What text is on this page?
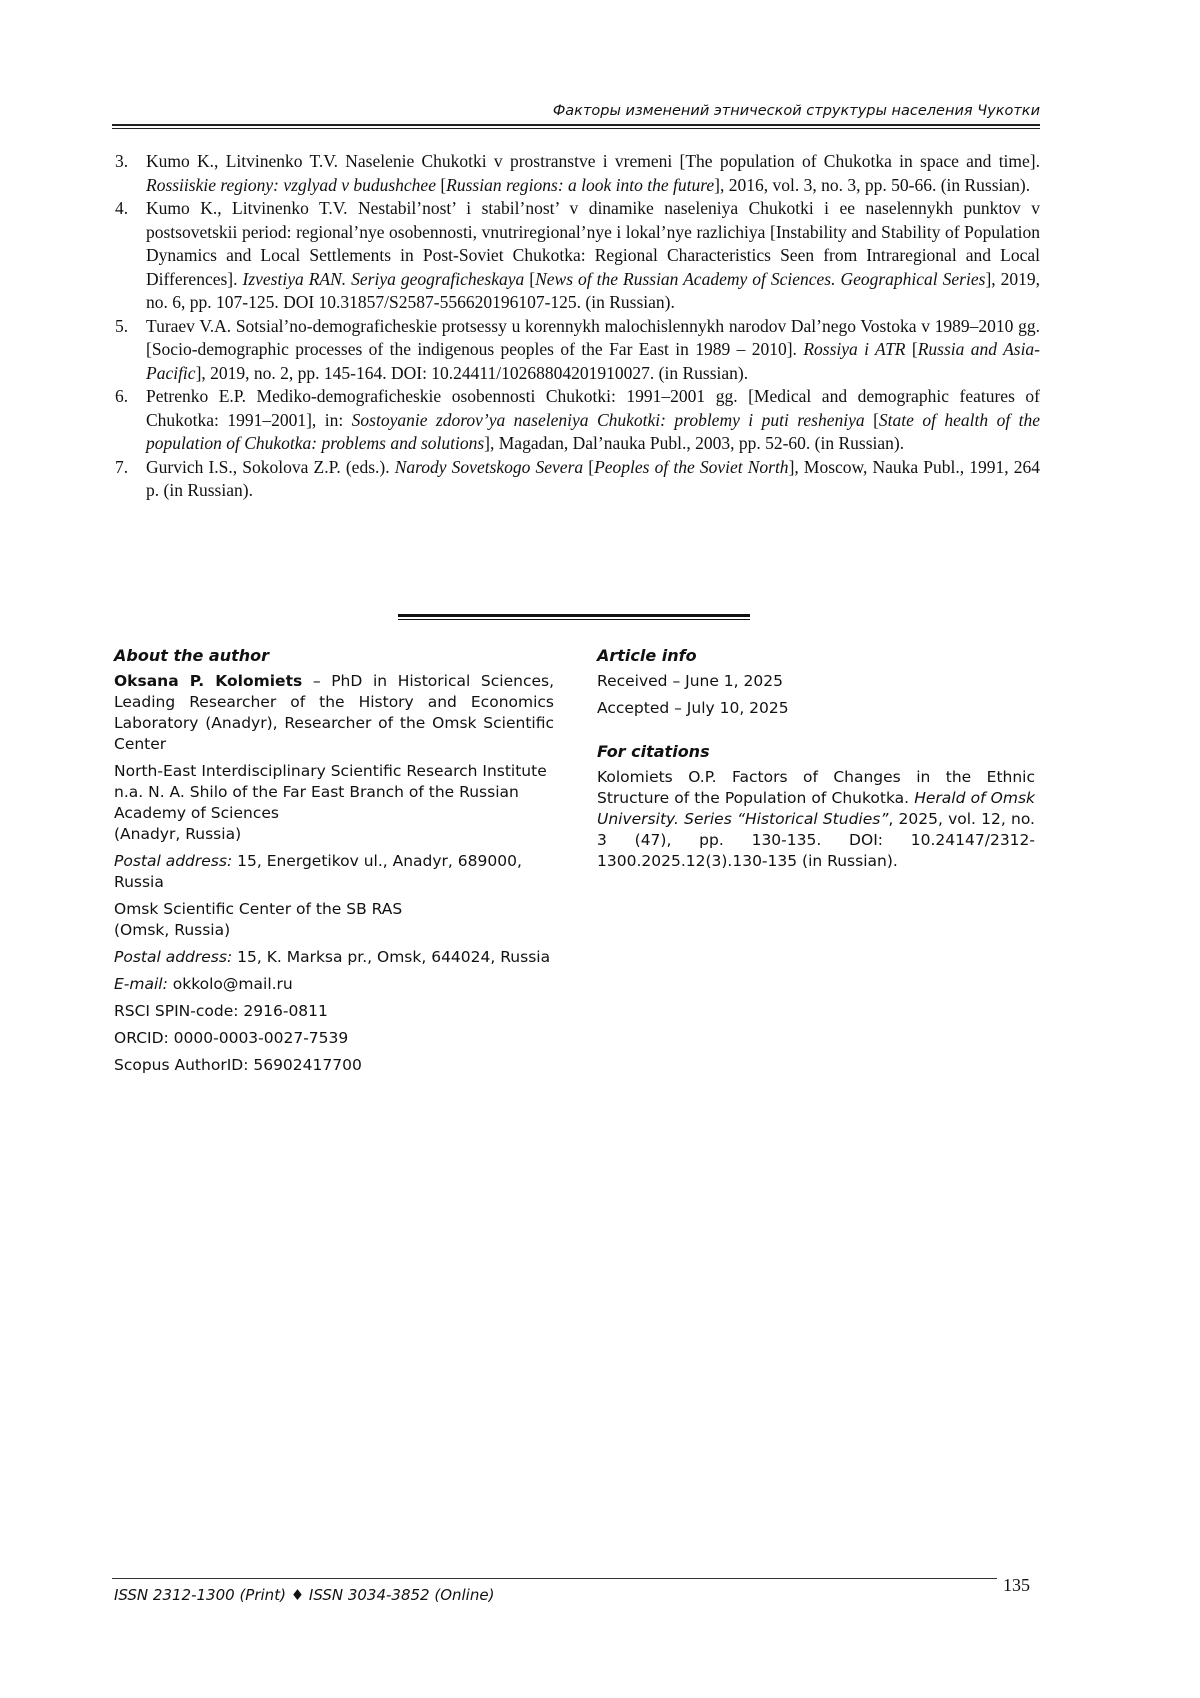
Факторы изменений этнической структуры населения Чукотки
3. Kumo K., Litvinenko T.V. Naselenie Chukotki v prostranstve i vremeni [The population of Chukotka in space and time]. Rossiiskie regiony: vzglyad v budushchee [Russian regions: a look into the future], 2016, vol. 3, no. 3, pp. 50-66. (in Russian).
4. Kumo K., Litvinenko T.V. Nestabil’nost’ i stabil’nost’ v dinamike naseleniya Chukotki i ee naselennykh punktov v postsovetskii period: regional’nye osobennosti, vnutriregional’nye i lokal’nye razlichiya [Instability and Stability of Population Dynamics and Local Settlements in Post-Soviet Chukotka: Regional Characteristics Seen from Intraregional and Local Differences]. Izvestiya RAN. Seriya geograficheskaya [News of the Russian Academy of Sciences. Geographical Series], 2019, no. 6, pp. 107-125. DOI 10.31857/S2587-556620196107-125. (in Russian).
5. Turaev V.A. Sotsial’no-demograficheskie protsessy u korennykh malochislennykh narodov Dal’nego Vostoka v 1989–2010 gg. [Socio-demographic processes of the indigenous peoples of the Far East in 1989 – 2010]. Rossiya i ATR [Russia and Asia-Pacific], 2019, no. 2, pp. 145-164. DOI: 10.24411/10268804201910027. (in Russian).
6. Petrenko E.P. Mediko-demograficheskie osobennosti Chukotki: 1991–2001 gg. [Medical and demographic features of Chukotka: 1991–2001], in: Sostoyanie zdorov’ya naseleniya Chukotki: problemy i puti resheniya [State of health of the population of Chukotka: problems and solutions], Magadan, Dal’nauka Publ., 2003, pp. 52-60. (in Russian).
7. Gurvich I.S., Sokolova Z.P. (eds.). Narody Sovetskogo Severa [Peoples of the Soviet North], Moscow, Nauka Publ., 1991, 264 p. (in Russian).
About the author
Oksana P. Kolomiets – PhD in Historical Sciences, Leading Researcher of the History and Economics Laboratory (Anadyr), Researcher of the Omsk Scientific Center
North-East Interdisciplinary Scientific Research Institute n.a. N. A. Shilo of the Far East Branch of the Russian Academy of Sciences
(Anadyr, Russia)
Postal address: 15, Energetikov ul., Anadyr, 689000, Russia
Omsk Scientific Center of the SB RAS
(Omsk, Russia)
Postal address: 15, K. Marksa pr., Omsk, 644024, Russia
E-mail: okkolo@mail.ru
RSCI SPIN-code: 2916-0811
ORCID: 0000-0003-0027-7539
Scopus AuthorID: 56902417700
Article info
Received – June 1, 2025
Accepted – July 10, 2025
For citations
Kolomiets O.P. Factors of Changes in the Ethnic Structure of the Population of Chukotka. Herald of Omsk University. Series “Historical Studies”, 2025, vol. 12, no. 3 (47), pp. 130-135. DOI: 10.24147/2312-1300.2025.12(3).130-135 (in Russian).
ISSN 2312-1300 (Print) ♦ ISSN 3034-3852 (Online)	135
